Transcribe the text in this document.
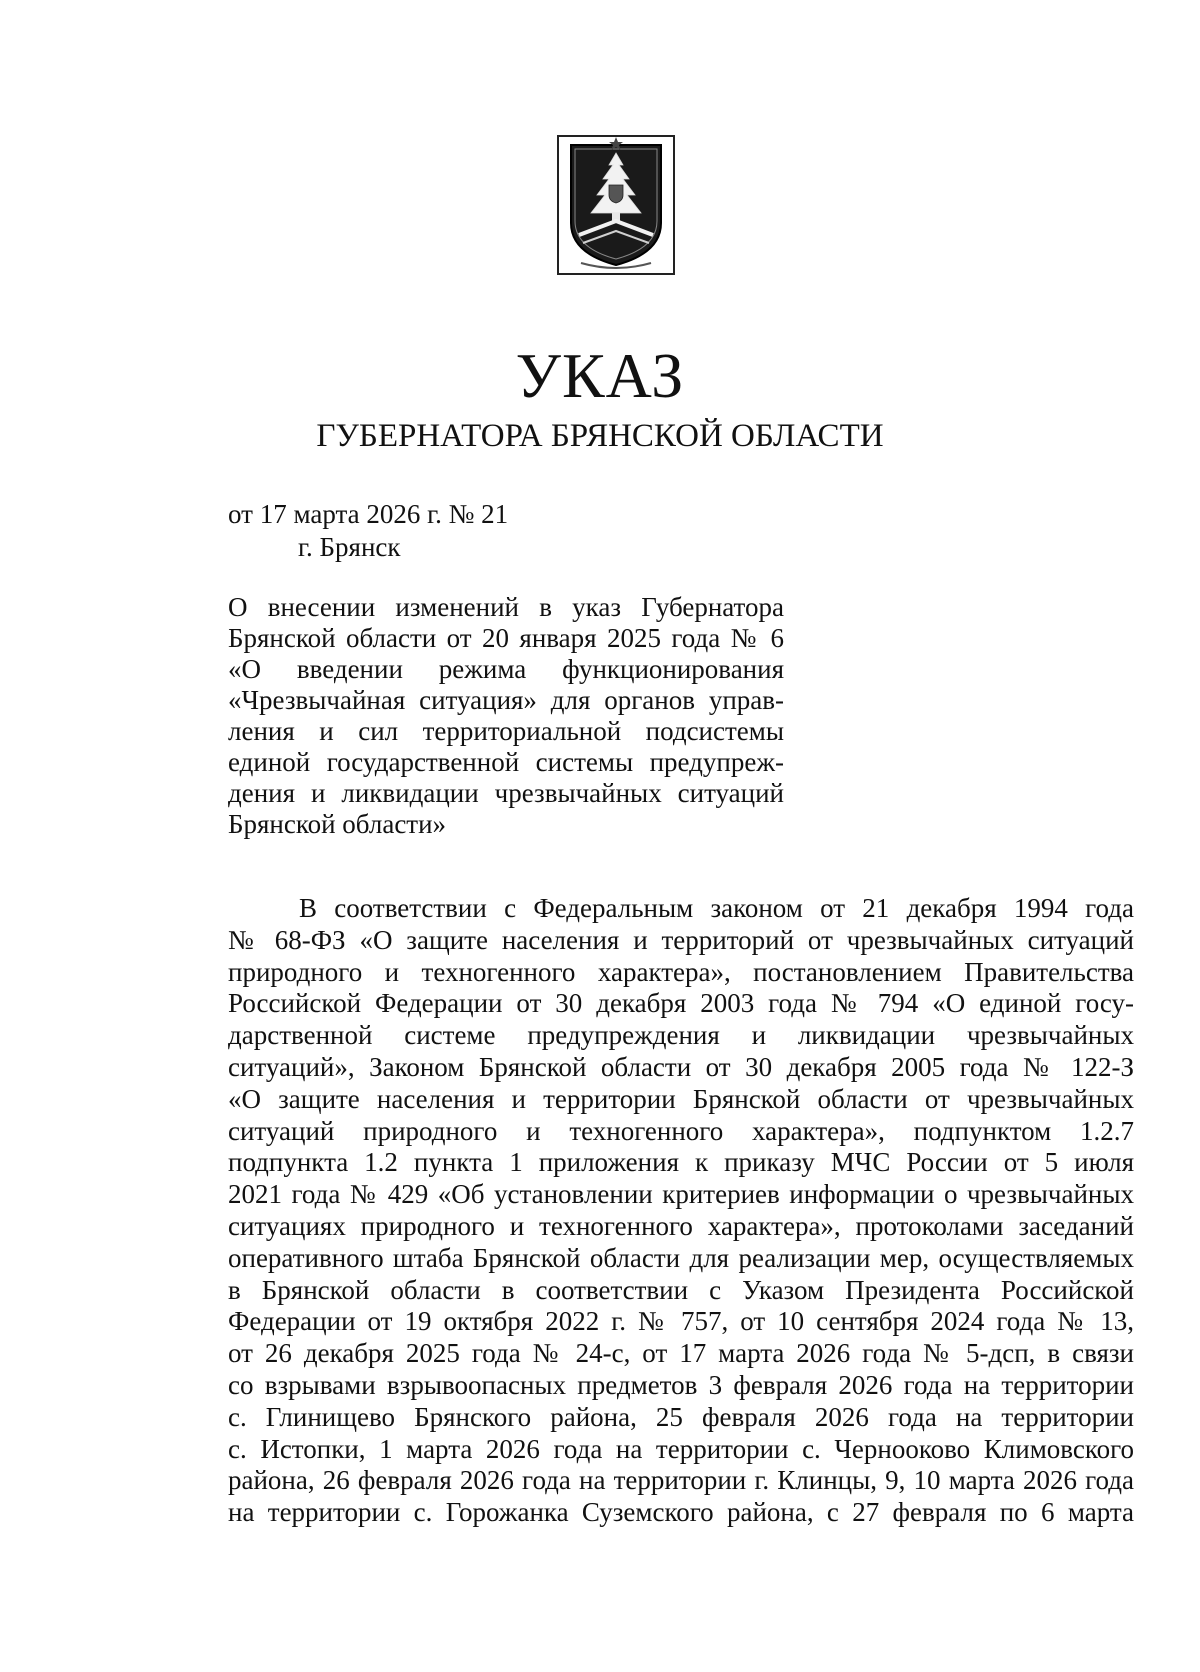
УКАЗ
ГУБЕРНАТОРА БРЯНСКОЙ ОБЛАСТИ
от 17 марта 2026 г. № 21
г. Брянск
О внесении изменений в указ Губернатора
Брянской области от 20 января 2025 года № 6
«О введении режима функционирования
«Чрезвычайная ситуация» для органов управ-
ления и сил территориальной подсистемы
единой государственной системы предупреж-
дения и ликвидации чрезвычайных ситуаций
Брянской области»
В соответствии с Федеральным законом от 21 декабря 1994 года
№ 68-ФЗ «О защите населения и территорий от чрезвычайных ситуаций
природного и техногенного характера», постановлением Правительства
Российской Федерации от 30 декабря 2003 года № 794 «О единой госу-
дарственной системе предупреждения и ликвидации чрезвычайных
ситуаций», Законом Брянской области от 30 декабря 2005 года № 122-З
«О защите населения и территории Брянской области от чрезвычайных
ситуаций природного и техногенного характера», подпунктом 1.2.7
подпункта 1.2 пункта 1 приложения к приказу МЧС России от 5 июля
2021 года № 429 «Об установлении критериев информации о чрезвычайных
ситуациях природного и техногенного характера», протоколами заседаний
оперативного штаба Брянской области для реализации мер, осуществляемых
в Брянской области в соответствии с Указом Президента Российской
Федерации от 19 октября 2022 г. № 757, от 10 сентября 2024 года № 13,
от 26 декабря 2025 года № 24-с, от 17 марта 2026 года № 5-дсп, в связи
со взрывами взрывоопасных предметов 3 февраля 2026 года на территории
с. Глинищево Брянского района, 25 февраля 2026 года на территории
с. Истопки, 1 марта 2026 года на территории с. Чернооково Климовского
района, 26 февраля 2026 года на территории г. Клинцы, 9, 10 марта 2026 года
на территории с. Горожанка Суземского района, с 27 февраля по 6 марта
